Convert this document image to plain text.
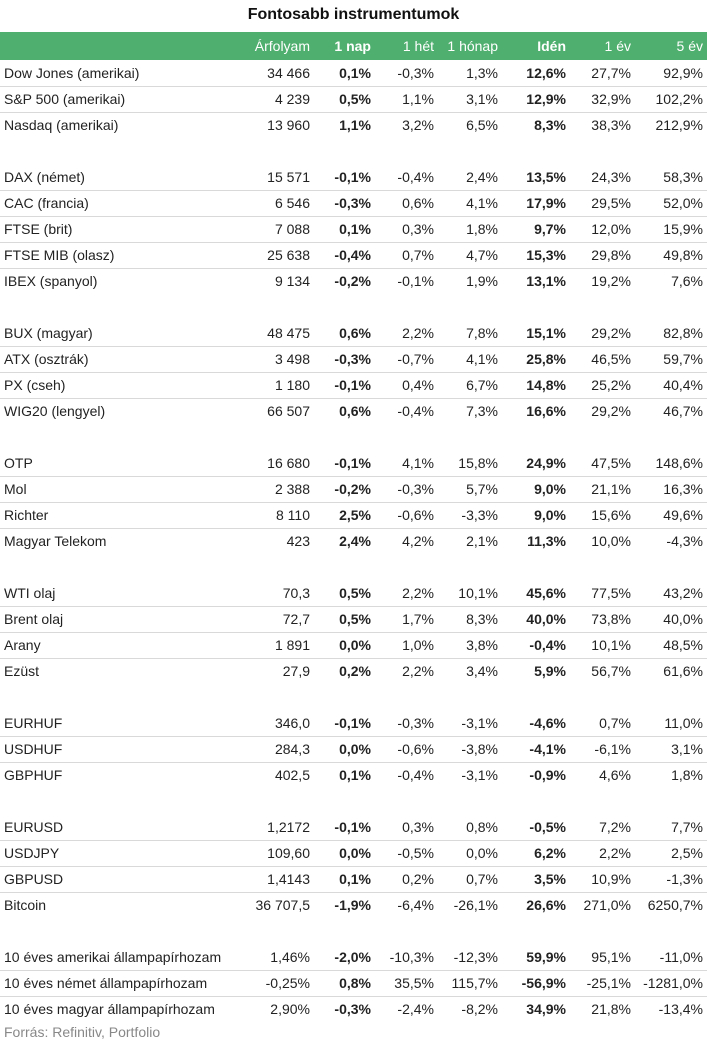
Fontosabb instrumentumok
	Árfolyam	1 nap	1 hét	1 hónap	Idén	1 év	5 év
Dow Jones (amerikai)	34 466	0,1%	-0,3%	1,3%	12,6%	27,7%	92,9%
S&P 500 (amerikai)	4 239	0,5%	1,1%	3,1%	12,9%	32,9%	102,2%
Nasdaq (amerikai)	13 960	1,1%	3,2%	6,5%	8,3%	38,3%	212,9%

DAX (német)	15 571	-0,1%	-0,4%	2,4%	13,5%	24,3%	58,3%
CAC (francia)	6 546	-0,3%	0,6%	4,1%	17,9%	29,5%	52,0%
FTSE (brit)	7 088	0,1%	0,3%	1,8%	9,7%	12,0%	15,9%
FTSE MIB (olasz)	25 638	-0,4%	0,7%	4,7%	15,3%	29,8%	49,8%
IBEX (spanyol)	9 134	-0,2%	-0,1%	1,9%	13,1%	19,2%	7,6%

BUX (magyar)	48 475	0,6%	2,2%	7,8%	15,1%	29,2%	82,8%
ATX (osztrák)	3 498	-0,3%	-0,7%	4,1%	25,8%	46,5%	59,7%
PX (cseh)	1 180	-0,1%	0,4%	6,7%	14,8%	25,2%	40,4%
WIG20 (lengyel)	66 507	0,6%	-0,4%	7,3%	16,6%	29,2%	46,7%

OTP	16 680	-0,1%	4,1%	15,8%	24,9%	47,5%	148,6%
Mol	2 388	-0,2%	-0,3%	5,7%	9,0%	21,1%	16,3%
Richter	8 110	2,5%	-0,6%	-3,3%	9,0%	15,6%	49,6%
Magyar Telekom	423	2,4%	4,2%	2,1%	11,3%	10,0%	-4,3%

WTI olaj	70,3	0,5%	2,2%	10,1%	45,6%	77,5%	43,2%
Brent olaj	72,7	0,5%	1,7%	8,3%	40,0%	73,8%	40,0%
Arany	1 891	0,0%	1,0%	3,8%	-0,4%	10,1%	48,5%
Ezüst	27,9	0,2%	2,2%	3,4%	5,9%	56,7%	61,6%

EURHUF	346,0	-0,1%	-0,3%	-3,1%	-4,6%	0,7%	11,0%
USDHUF	284,3	0,0%	-0,6%	-3,8%	-4,1%	-6,1%	3,1%
GBPHUF	402,5	0,1%	-0,4%	-3,1%	-0,9%	4,6%	1,8%

EURUSD	1,2172	-0,1%	0,3%	0,8%	-0,5%	7,2%	7,7%
USDJPY	109,60	0,0%	-0,5%	0,0%	6,2%	2,2%	2,5%
GBPUSD	1,4143	0,1%	0,2%	0,7%	3,5%	10,9%	-1,3%
Bitcoin	36 707,5	-1,9%	-6,4%	-26,1%	26,6%	271,0%	6250,7%

10 éves amerikai állampapírhozam	1,46%	-2,0%	-10,3%	-12,3%	59,9%	95,1%	-11,0%
10 éves német állampapírhozam	-0,25%	0,8%	35,5%	115,7%	-56,9%	-25,1%	-1281,0%
10 éves magyar állampapírhozam	2,90%	-0,3%	-2,4%	-8,2%	34,9%	21,8%	-13,4%
Forrás: Refinitiv, Portfolio
